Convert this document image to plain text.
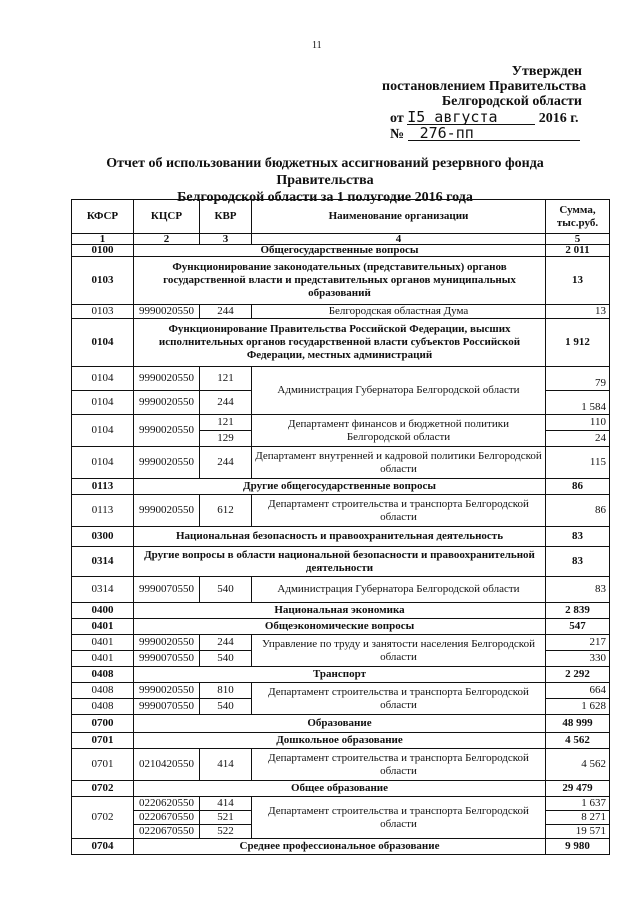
11
Утвержден
постановлением Правительства
Белгородской области
от I5 августа	2016 г.
№ 276-пп
Отчет об использовании бюджетных ассигнований резервного фонда Правительства
Белгородской области за 1 полугодие 2016 года
КФСР	КЦСР	КВР	Наименование организации	Сумма, тыс.руб.
1	2	3	4	5
0100	Общегосударственные вопросы			2 011
0103	Функционирование законодательных (представительных) органов государственной власти и представительных органов муниципальных образований			13
0103	9990020550	244	Белгородская областная Дума	13
0104	Функционирование Правительства Российской Федерации, высших исполнительных органов государственной власти субъектов Российской Федерации, местных администраций			1 912
0104	9990020550	121	Администрация Губернатора Белгородской области	79
0104	9990020550	244		1 584
0104	9990020550	121	Департамент финансов и бюджетной политики Белгородской области	110
		129		24
0104	9990020550	244	Департамент внутренней и кадровой политики Белгородской области	115
0113	Другие общегосударственные вопросы			86
0113	9990020550	612	Департамент строительства и транспорта Белгородской области	86
0300	Национальная безопасность и правоохранительная деятельность			83
0314	Другие вопросы в области национальной безопасности и правоохранительной деятельности			83
0314	9990070550	540	Администрация Губернатора Белгородской области	83
0400	Национальная экономика			2 839
0401	Общеэкономические вопросы			547
0401	9990020550	244	Управление по труду и занятости населения Белгородской области	217
0401	9990070550	540		330
0408	Транспорт			2 292
0408	9990020550	810	Департамент строительства и транспорта Белгородской области	664
0408	9990070550	540		1 628
0700	Образование			48 999
0701	Дошкольное образование			4 562
0701	0210420550	414	Департамент строительства и транспорта Белгородской области	4 562
0702	Общее образование			29 479
0702	0220620550	414	Департамент строительства и транспорта Белгородской области	1 637
	0220670550	521		8 271
	0220670550	522		19 571
0704	Среднее профессиональное образование			9 980
